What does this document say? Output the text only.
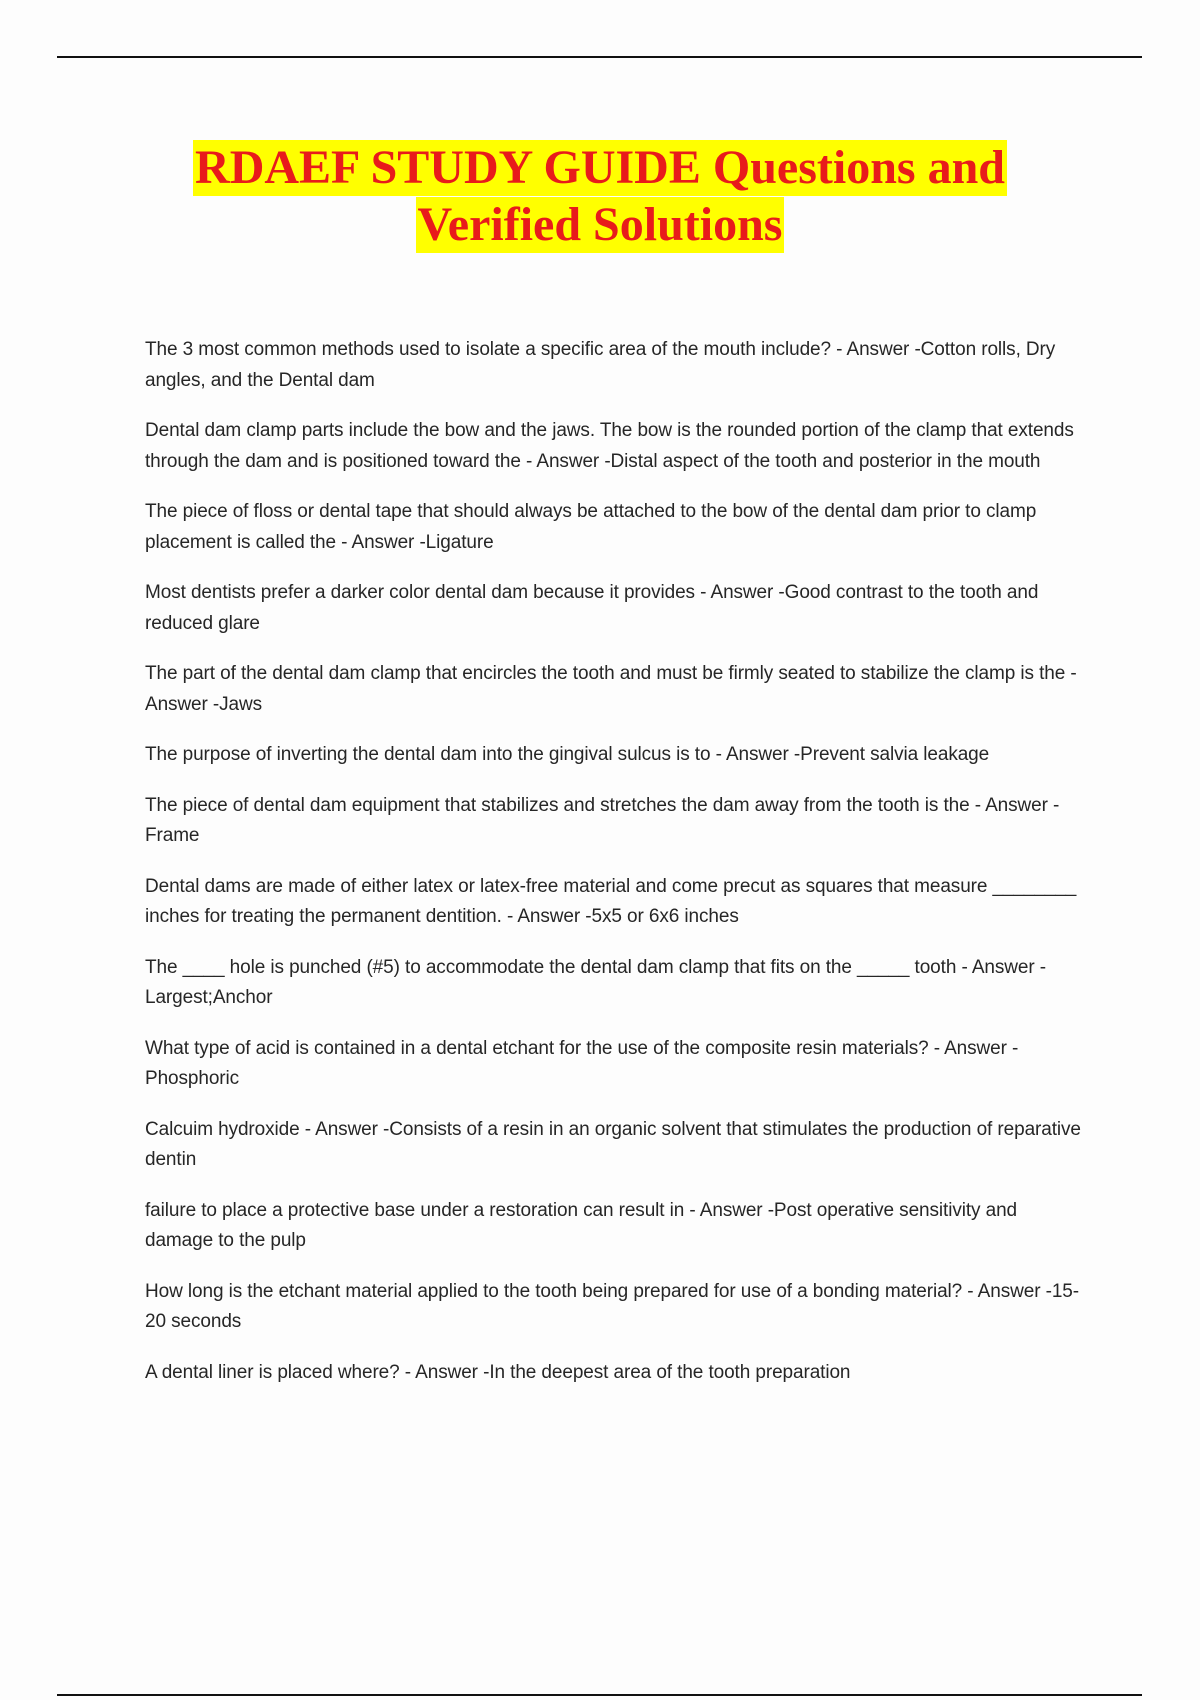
RDAEF STUDY GUIDE Questions and
Verified Solutions

The 3 most common methods used to isolate a specific area of the mouth include? - Answer -Cotton rolls, Dry angles, and the Dental dam

Dental dam clamp parts include the bow and the jaws. The bow is the rounded portion of the clamp that extends through the dam and is positioned toward the - Answer -Distal aspect of the tooth and posterior in the mouth

The piece of floss or dental tape that should always be attached to the bow of the dental dam prior to clamp placement is called the - Answer -Ligature

Most dentists prefer a darker color dental dam because it provides - Answer -Good contrast to the tooth and reduced glare

The part of the dental dam clamp that encircles the tooth and must be firmly seated to stabilize the clamp is the - Answer -Jaws

The purpose of inverting the dental dam into the gingival sulcus is to - Answer -Prevent salvia leakage

The piece of dental dam equipment that stabilizes and stretches the dam away from the tooth is the - Answer -Frame

Dental dams are made of either latex or latex-free material and come precut as squares that measure ________ inches for treating the permanent dentition. - Answer -5x5 or 6x6 inches

The ____ hole is punched (#5) to accommodate the dental dam clamp that fits on the _____ tooth - Answer -Largest;Anchor

What type of acid is contained in a dental etchant for the use of the composite resin materials? - Answer -Phosphoric

Calcuim hydroxide - Answer -Consists of a resin in an organic solvent that stimulates the production of reparative dentin

failure to place a protective base under a restoration can result in - Answer -Post operative sensitivity and damage to the pulp

How long is the etchant material applied to the tooth being prepared for use of a bonding material? - Answer -15-20 seconds

A dental liner is placed where? - Answer -In the deepest area of the tooth preparation
